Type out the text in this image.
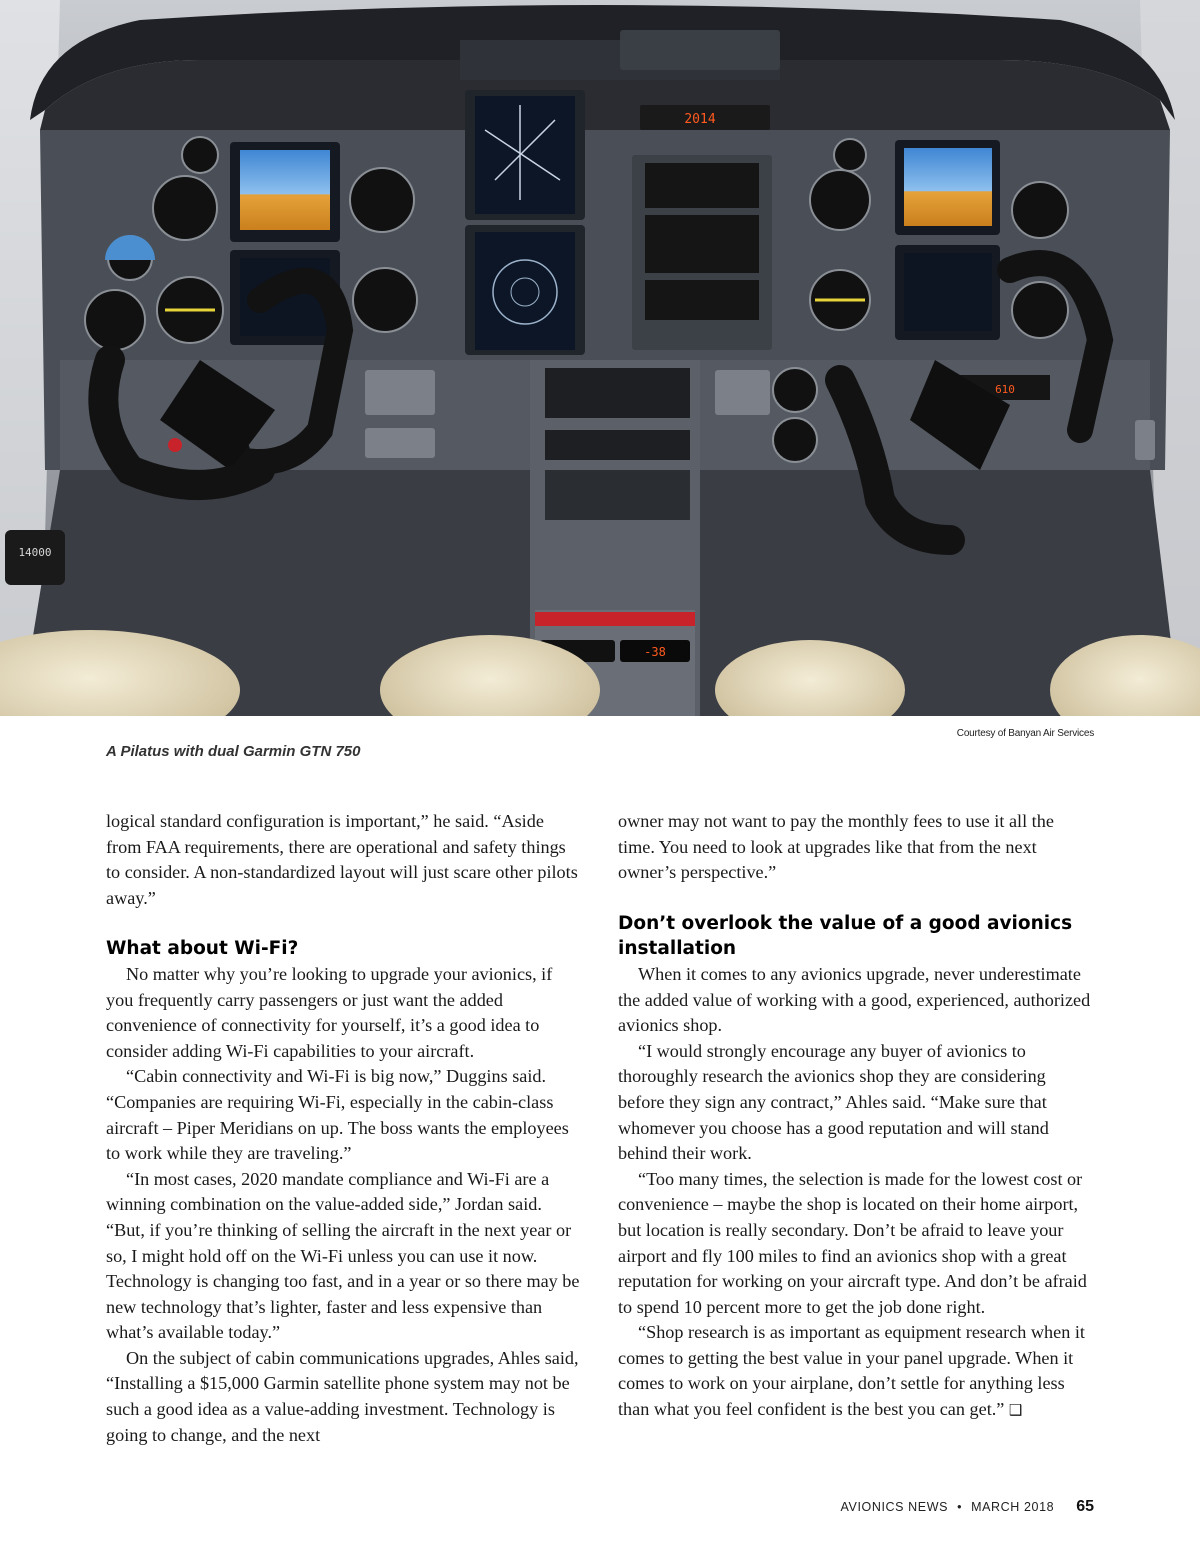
-38
2014
610
14000
Courtesy of Banyan Air Services
A Pilatus with dual Garmin GTN 750

logical standard configuration is important,” he said. “Aside from FAA requirements, there are operational and safety things to consider. A non-standardized layout will just scare other pilots away.”

What about Wi-Fi?

No matter why you’re looking to upgrade your avionics, if you frequently carry passengers or just want the added convenience of connectivity for yourself, it’s a good idea to consider adding Wi-Fi capabilities to your aircraft.

“Cabin connectivity and Wi-Fi is big now,” Duggins said. “Companies are requiring Wi-Fi, especially in the cabin-class aircraft – Piper Meridians on up. The boss wants the employees to work while they are traveling.”

“In most cases, 2020 mandate compliance and Wi-Fi are a winning combination on the value-added side,” Jordan said. “But, if you’re thinking of selling the aircraft in the next year or so, I might hold off on the Wi-Fi unless you can use it now. Technology is changing too fast, and in a year or so there may be new technology that’s lighter, faster and less expensive than what’s available today.”

On the subject of cabin communications upgrades, Ahles said, “Installing a $15,000 Garmin satellite phone system may not be such a good idea as a value-adding investment. Technology is going to change, and the next

owner may not want to pay the monthly fees to use it all the time. You need to look at upgrades like that from the next owner’s perspective.”

Don’t overlook the value of a good avionics installation

When it comes to any avionics upgrade, never underestimate the added value of working with a good, experienced, authorized avionics shop.

“I would strongly encourage any buyer of avionics to thoroughly research the avionics shop they are considering before they sign any contract,” Ahles said. “Make sure that whomever you choose has a good reputation and will stand behind their work.

“Too many times, the selection is made for the lowest cost or convenience – maybe the shop is located on their home airport, but location is really secondary. Don’t be afraid to leave your airport and fly 100 miles to find an avionics shop with a great reputation for working on your aircraft type. And don’t be afraid to spend 10 percent more to get the job done right.

“Shop research is as important as equipment research when it comes to getting the best value in your panel upgrade. When it comes to work on your airplane, don’t settle for anything less than what you feel confident is the best you can get.” ❑

AVIONICS NEWS • MARCH 2018 65
